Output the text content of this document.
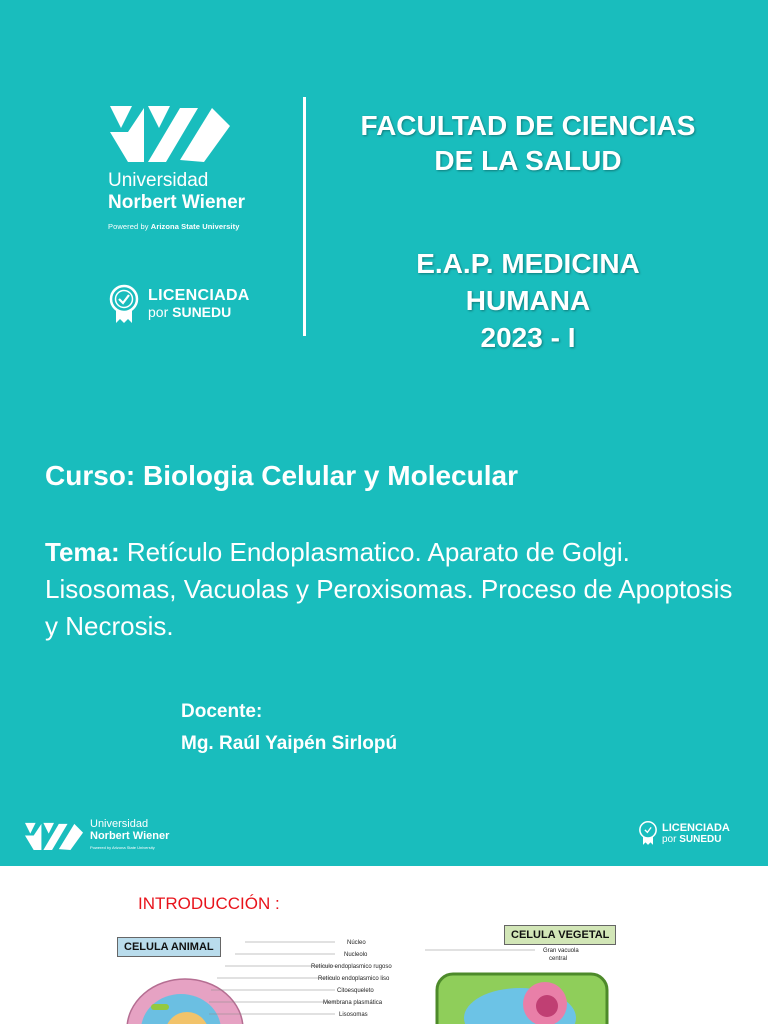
Universidad
Norbert Wiener
Powered by Arizona State University
LICENCIADA
por SUNEDU
FACULTAD DE CIENCIAS
DE LA SALUD
E.A.P. MEDICINA
HUMANA
2023 - I
Curso: Biologia Celular y Molecular
Tema: Retículo Endoplasmatico. Aparato de Golgi. Lisosomas, Vacuolas y Peroxisomas. Proceso de Apoptosis y Necrosis.
Docente:
Mg. Raúl Yaipén Sirlopú
Universidad
Norbert Wiener
Powered by Arizona State University
LICENCIADA
por SUNEDU
INTRODUCCIÓN :
Núcleo
Nucleolo
Retículo endoplasmico rugoso
Retículo endoplasmico liso
Citoesqueleto
Membrana plasmática
Lisosomas
Gran vacuola
central
CELULA ANIMAL
CELULA VEGETAL
